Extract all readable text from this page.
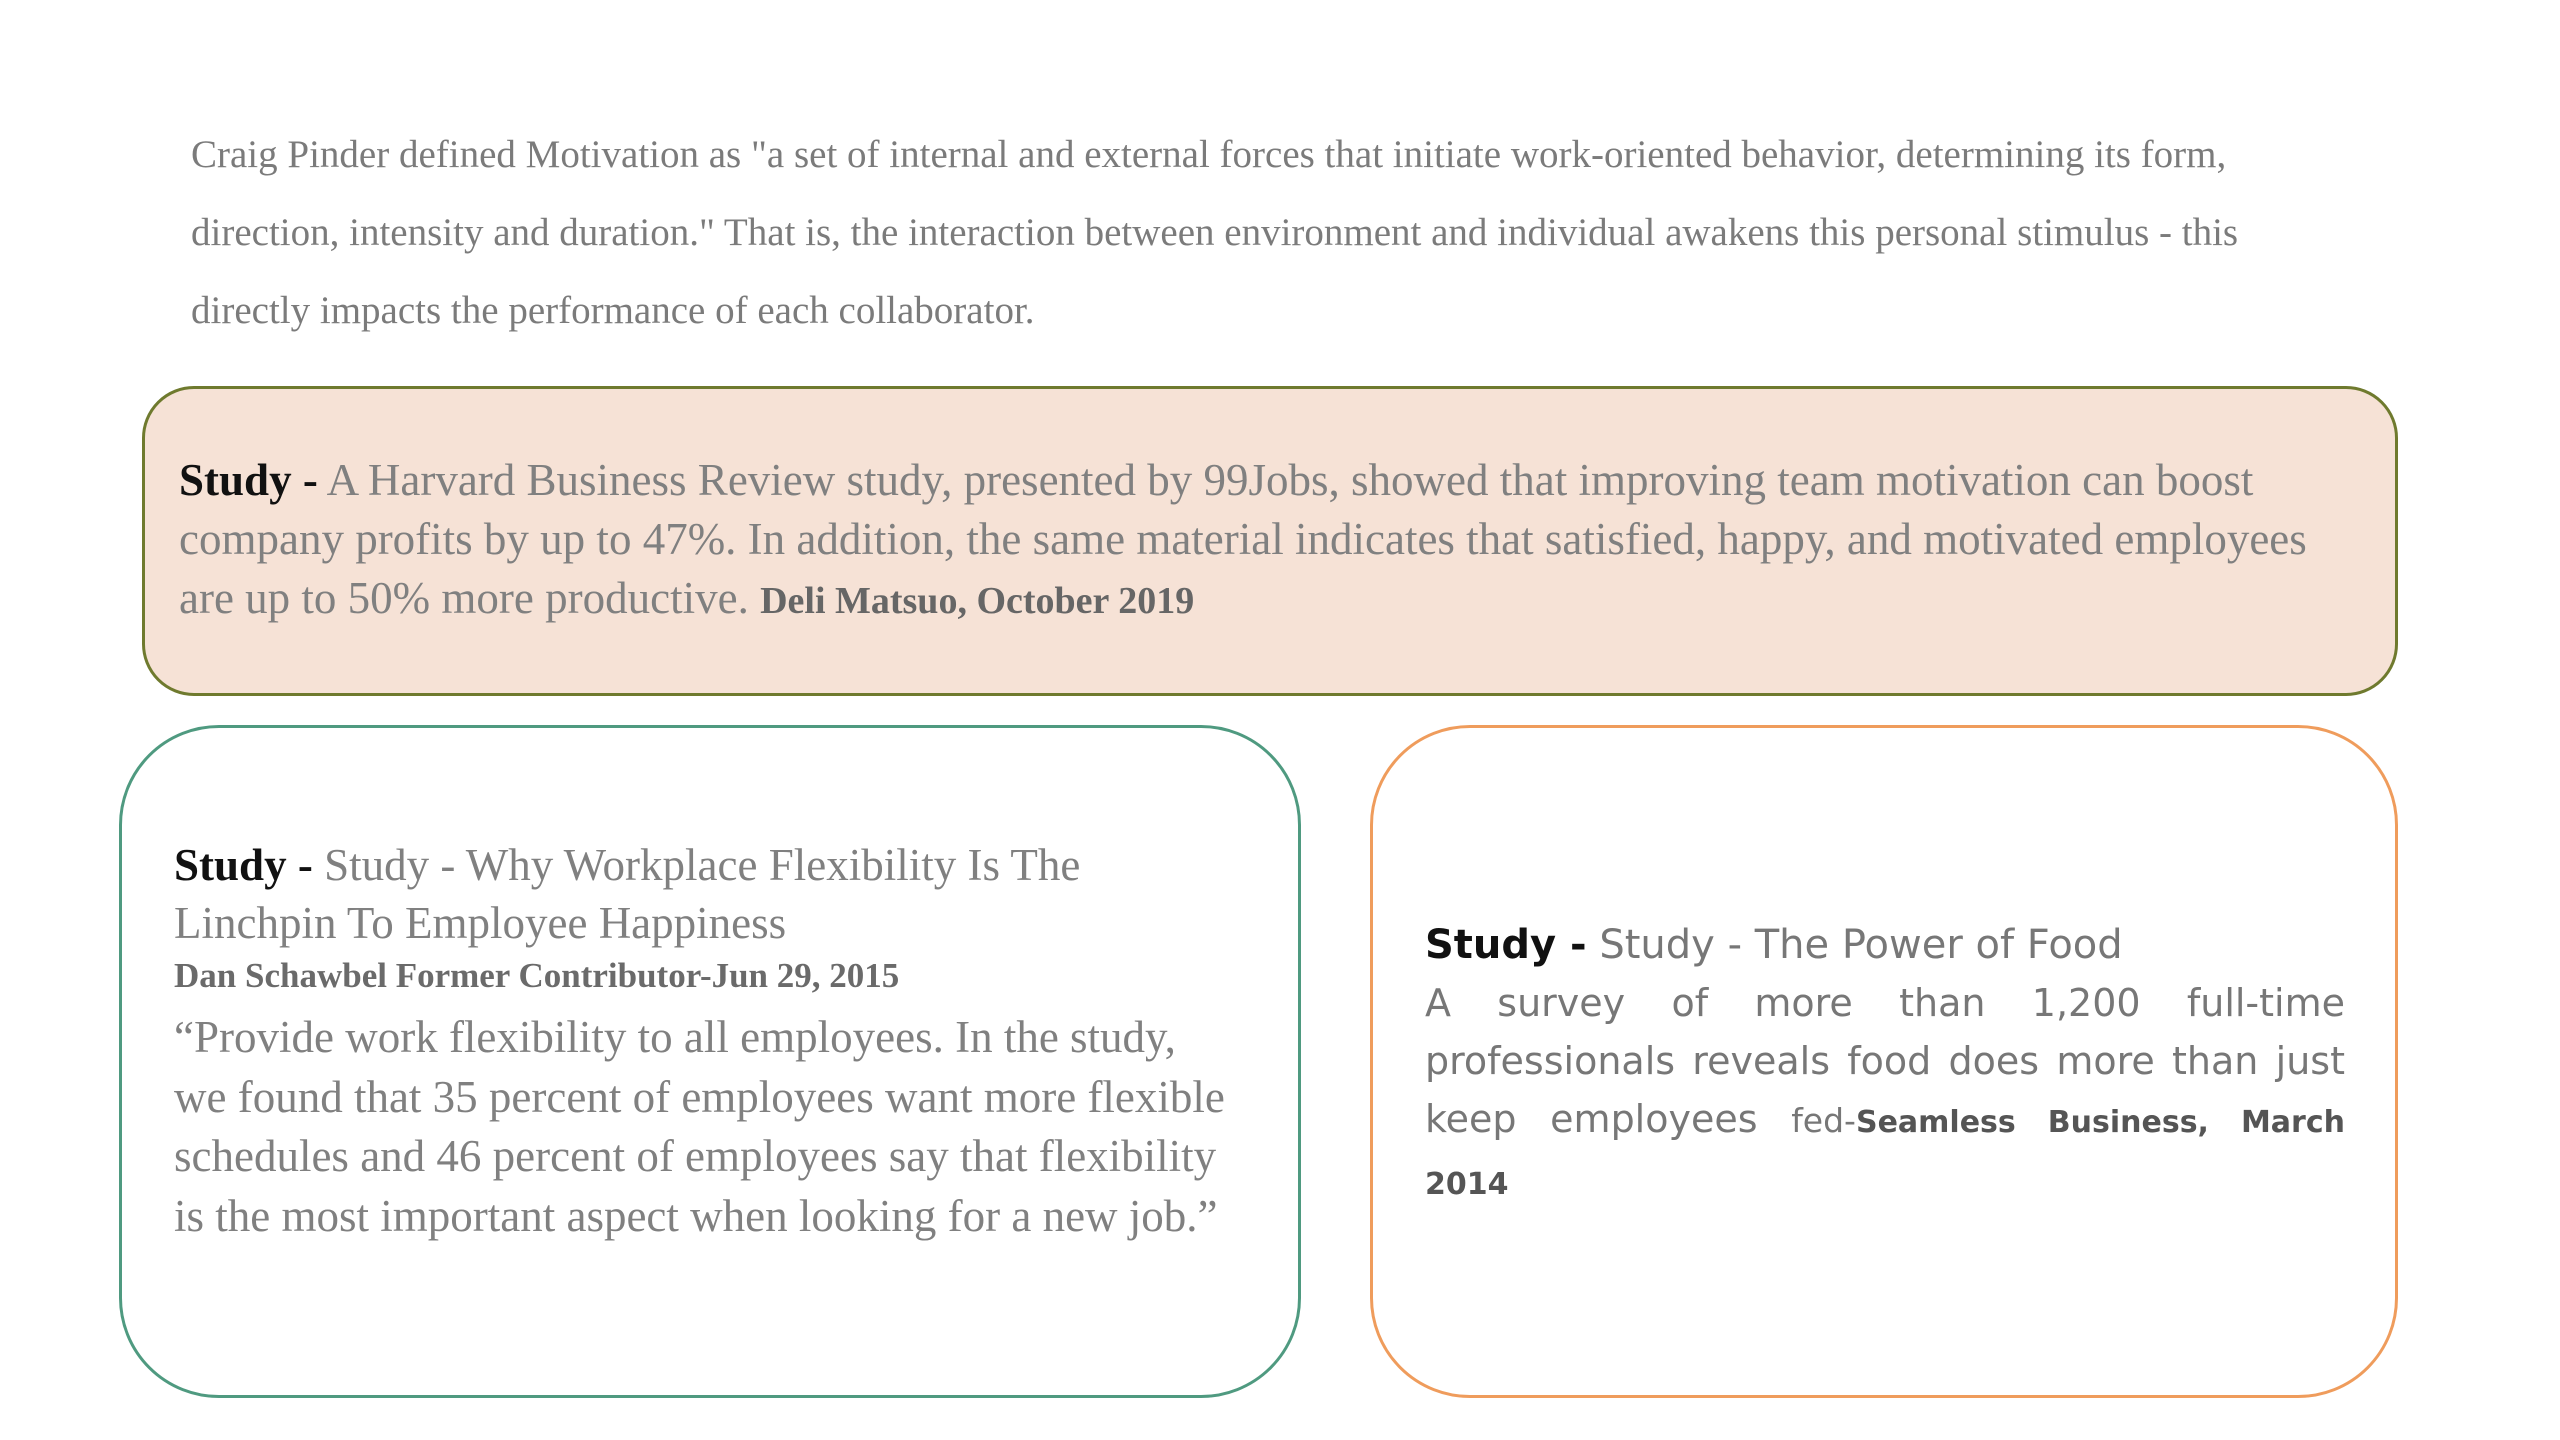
Craig Pinder defined Motivation as "a set of internal and external forces that initiate work-oriented behavior, determining its form, direction, intensity and duration." That is, the interaction between environment and individual awakens this personal stimulus - this directly impacts the performance of each collaborator.

Study - A Harvard Business Review study, presented by 99Jobs, showed that improving team motivation can boost company profits by up to 47%. In addition, the same material indicates that satisfied, happy, and motivated employees are up to 50% more productive. Deli Matsuo, October 2019

Study - Study - Why Workplace Flexibility Is The Linchpin To Employee Happiness

Dan Schawbel Former Contributor-Jun 29, 2015

“Provide work flexibility to all employees. In the study, we found that 35 percent of employees want more flexible schedules and 46 percent of employees say that flexibility is the most important aspect when looking for a new job.”

Study - Study - The Power of Food

A survey of more than 1,200 full-time professionals reveals food does more than just keep employees fed-Seamless Business, March 2014
